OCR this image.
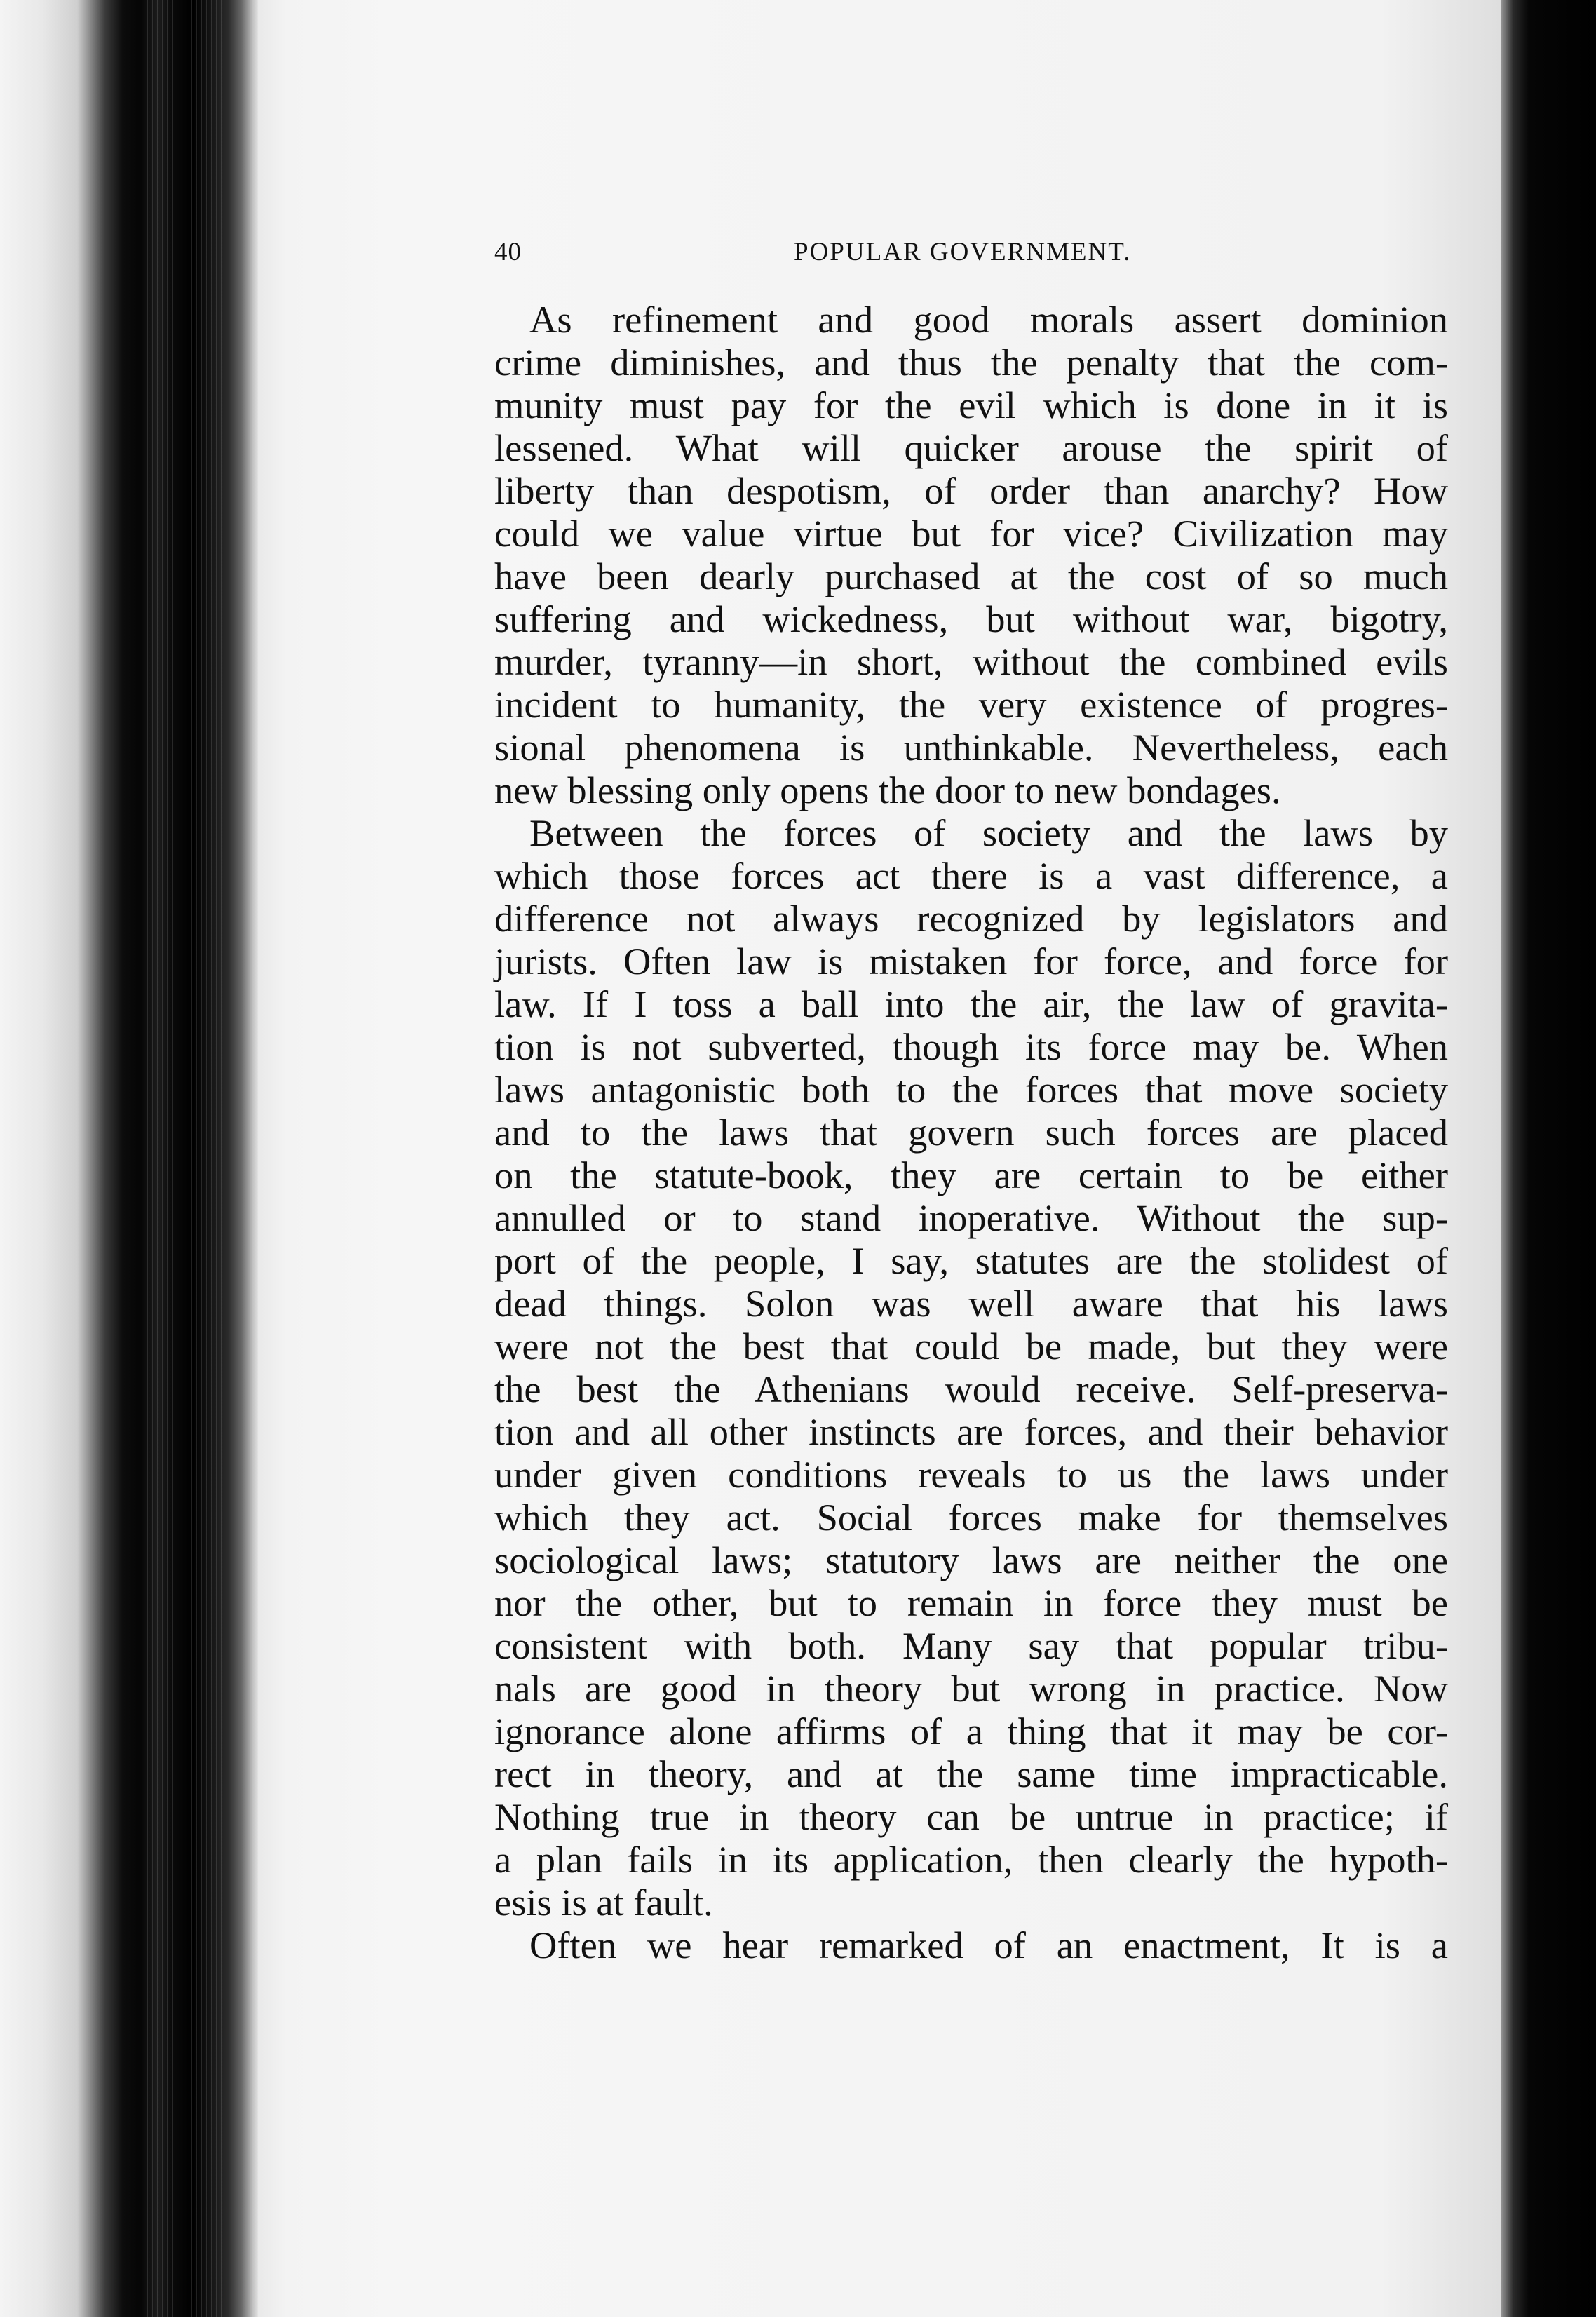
40	POPULAR GOVERNMENT.
As refinement and good morals assert dominion
crime diminishes, and thus the penalty that the com-
munity must pay for the evil which is done in it is
lessened. What will quicker arouse the spirit of
liberty than despotism, of order than anarchy? How
could we value virtue but for vice? Civilization may
have been dearly purchased at the cost of so much
suffering and wickedness, but without war, bigotry,
murder, tyranny—in short, without the combined evils
incident to humanity, the very existence of progres-
sional phenomena is unthinkable. Nevertheless, each
new blessing only opens the door to new bondages.
Between the forces of society and the laws by
which those forces act there is a vast difference, a
difference not always recognized by legislators and
jurists. Often law is mistaken for force, and force for
law. If I toss a ball into the air, the law of gravita-
tion is not subverted, though its force may be. When
laws antagonistic both to the forces that move society
and to the laws that govern such forces are placed
on the statute-book, they are certain to be either
annulled or to stand inoperative. Without the sup-
port of the people, I say, statutes are the stolidest of
dead things. Solon was well aware that his laws
were not the best that could be made, but they were
the best the Athenians would receive. Self-preserva-
tion and all other instincts are forces, and their behavior
under given conditions reveals to us the laws under
which they act. Social forces make for themselves
sociological laws; statutory laws are neither the one
nor the other, but to remain in force they must be
consistent with both. Many say that popular tribu-
nals are good in theory but wrong in practice. Now
ignorance alone affirms of a thing that it may be cor-
rect in theory, and at the same time impracticable.
Nothing true in theory can be untrue in practice; if
a plan fails in its application, then clearly the hypoth-
esis is at fault.
Often we hear remarked of an enactment, It is a
